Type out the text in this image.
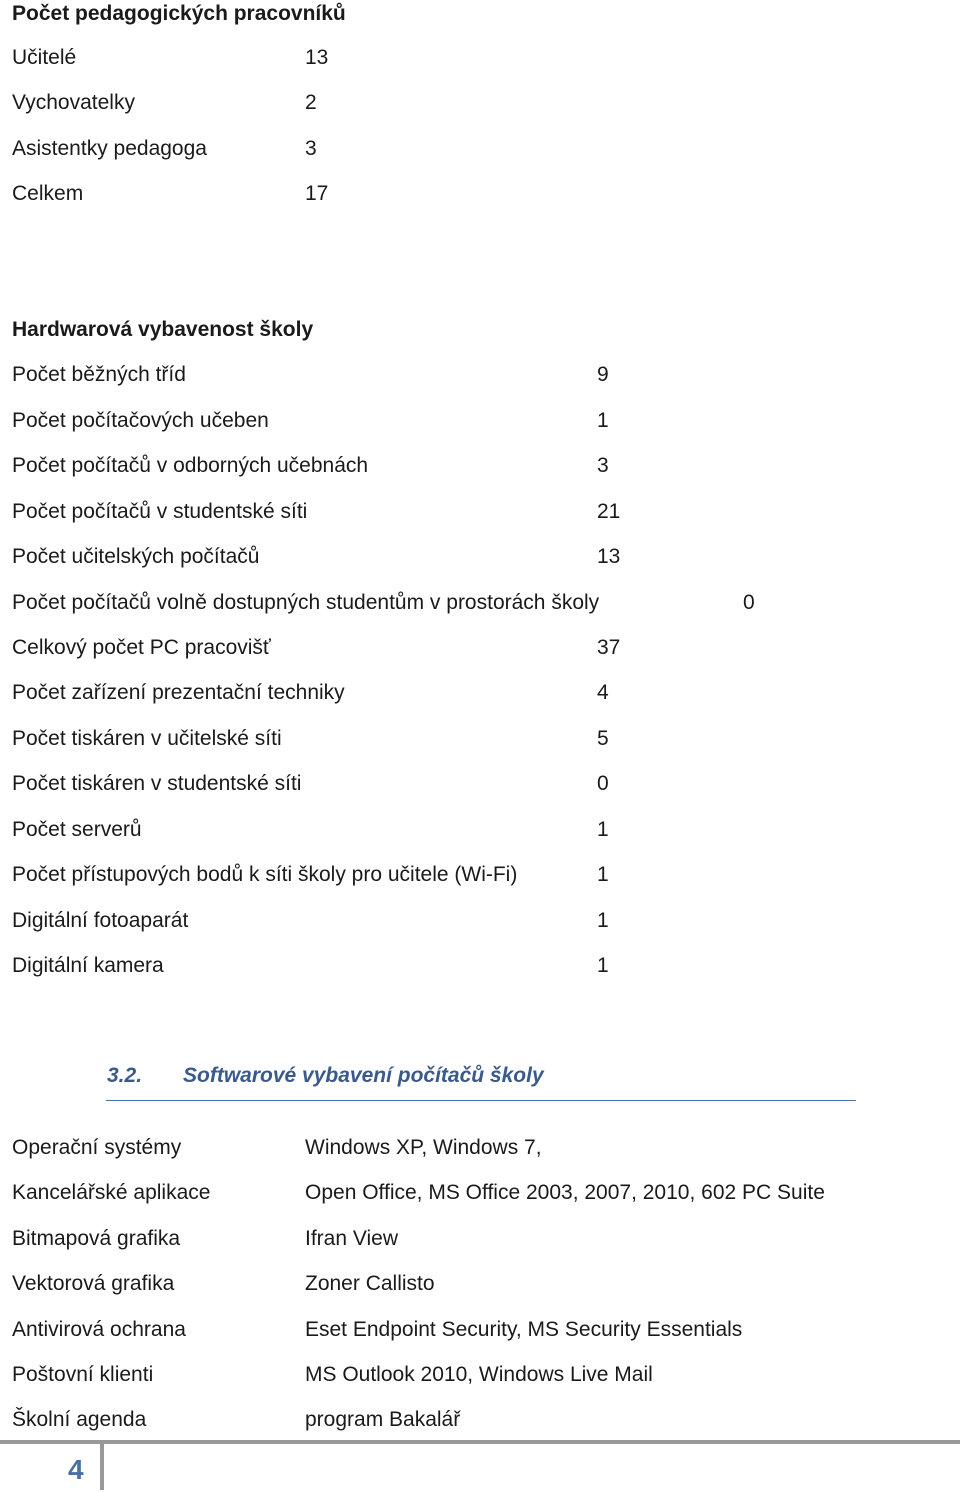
Počet pedagogických pracovníků
Učitelé	13
Vychovatelky	2
Asistentky pedagoga	3
Celkem	17
Hardwarová vybavenost školy
Počet běžných tříd	9
Počet počítačových učeben	1
Počet počítačů v odborných učebnách	3
Počet počítačů v studentské síti	21
Počet učitelských počítačů	13
Počet počítačů volně dostupných studentům v prostorách školy	0
Celkový počet PC pracovišť	37
Počet zařízení prezentační techniky	4
Počet tiskáren v učitelské síti	5
Počet tiskáren v studentské síti	0
Počet serverů	1
Počet přístupových bodů k síti školy pro učitele (Wi-Fi)	1
Digitální fotoaparát	1
Digitální kamera	1
3.2. Softwarové vybavení počítačů školy
Operační systémy	Windows XP, Windows 7,
Kancelářské aplikace	Open Office, MS Office 2003, 2007, 2010, 602 PC Suite
Bitmapová grafika	Ifran View
Vektorová grafika	Zoner Callisto
Antivirová ochrana	Eset Endpoint Security, MS Security Essentials
Poštovní klienti	MS Outlook 2010, Windows Live Mail
Školní agenda	program Bakalář
4
